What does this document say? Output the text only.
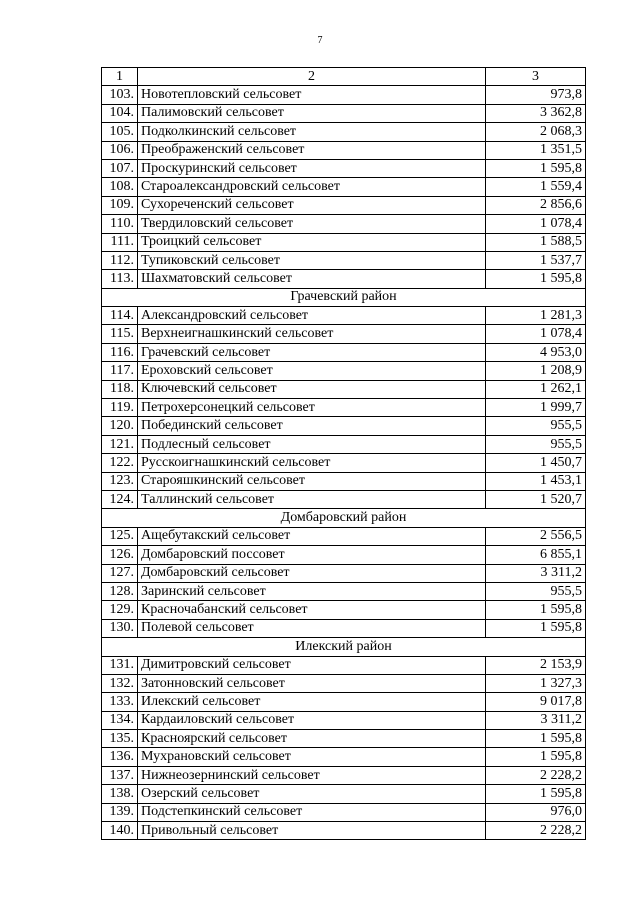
7
1	2	3
103.	Новотепловский сельсовет	973,8
104.	Палимовский сельсовет	3 362,8
105.	Подколкинский сельсовет	2 068,3
106.	Преображенский сельсовет	1 351,5
107.	Проскуринский сельсовет	1 595,8
108.	Староалександровский сельсовет	1 559,4
109.	Сухореченский сельсовет	2 856,6
110.	Твердиловский сельсовет	1 078,4
111.	Троицкий сельсовет	1 588,5
112.	Тупиковский сельсовет	1 537,7
113.	Шахматовский сельсовет	1 595,8
Грачевский район		
114.	Александровский сельсовет	1 281,3
115.	Верхнеигнашкинский сельсовет	1 078,4
116.	Грачевский сельсовет	4 953,0
117.	Ероховский сельсовет	1 208,9
118.	Ключевский сельсовет	1 262,1
119.	Петрохерсонецкий сельсовет	1 999,7
120.	Побединский сельсовет	955,5
121.	Подлесный сельсовет	955,5
122.	Русскоигнашкинский сельсовет	1 450,7
123.	Старояшкинский сельсовет	1 453,1
124.	Таллинский сельсовет	1 520,7
Домбаровский район		
125.	Ащебутакский сельсовет	2 556,5
126.	Домбаровский поссовет	6 855,1
127.	Домбаровский сельсовет	3 311,2
128.	Заринский сельсовет	955,5
129.	Красночабанский сельсовет	1 595,8
130.	Полевой сельсовет	1 595,8
Илекский район		
131.	Димитровский сельсовет	2 153,9
132.	Затонновский сельсовет	1 327,3
133.	Илекский сельсовет	9 017,8
134.	Кардаиловский сельсовет	3 311,2
135.	Красноярский сельсовет	1 595,8
136.	Мухрановский сельсовет	1 595,8
137.	Нижнеозернинский сельсовет	2 228,2
138.	Озерский сельсовет	1 595,8
139.	Подстепкинский сельсовет	976,0
140.	Привольный сельсовет	2 228,2
